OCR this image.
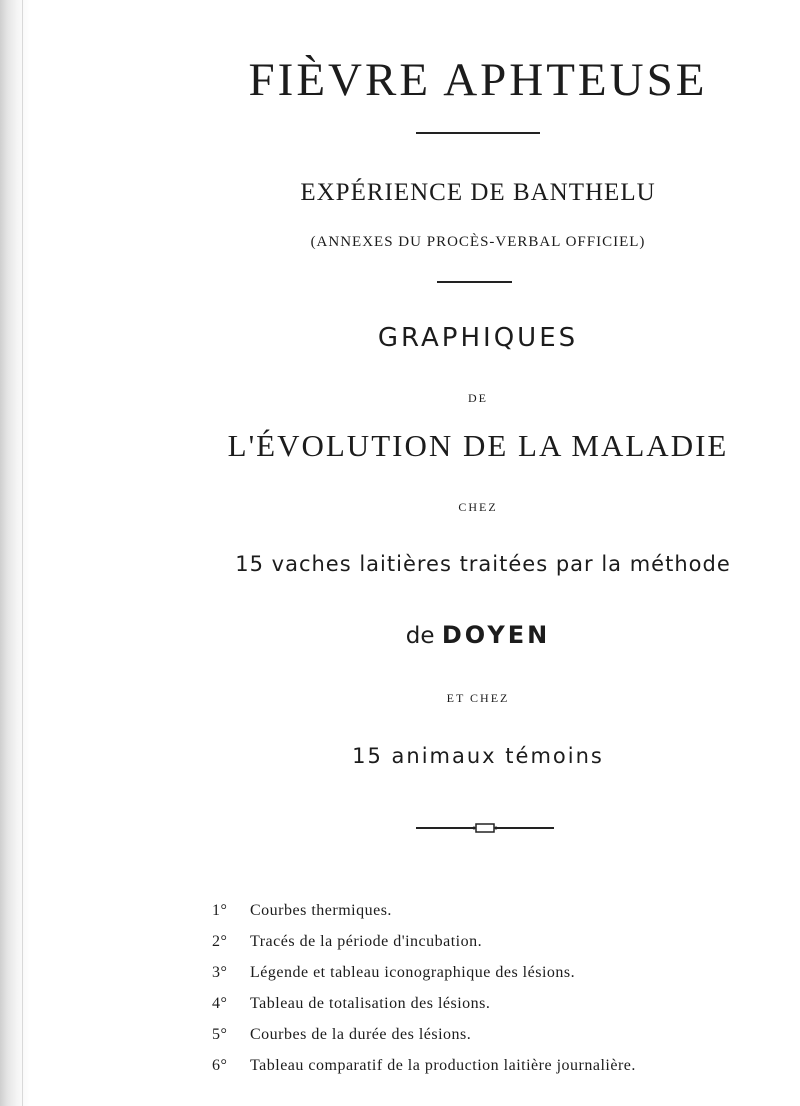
FIÈVRE APHTEUSE
EXPÉRIENCE DE BANTHELU
(ANNEXES DU PROCÈS-VERBAL OFFICIEL)
GRAPHIQUES
DE
L'ÉVOLUTION DE LA MALADIE
CHEZ
15 vaches laitières traitées par la méthode
de DOYEN
ET CHEZ
15 animaux témoins
1° Courbes thermiques.
2° Tracés de la période d'incubation.
3° Légende et tableau iconographique des lésions.
4° Tableau de totalisation des lésions.
5° Courbes de la durée des lésions.
6° Tableau comparatif de la production laitière journalière.
